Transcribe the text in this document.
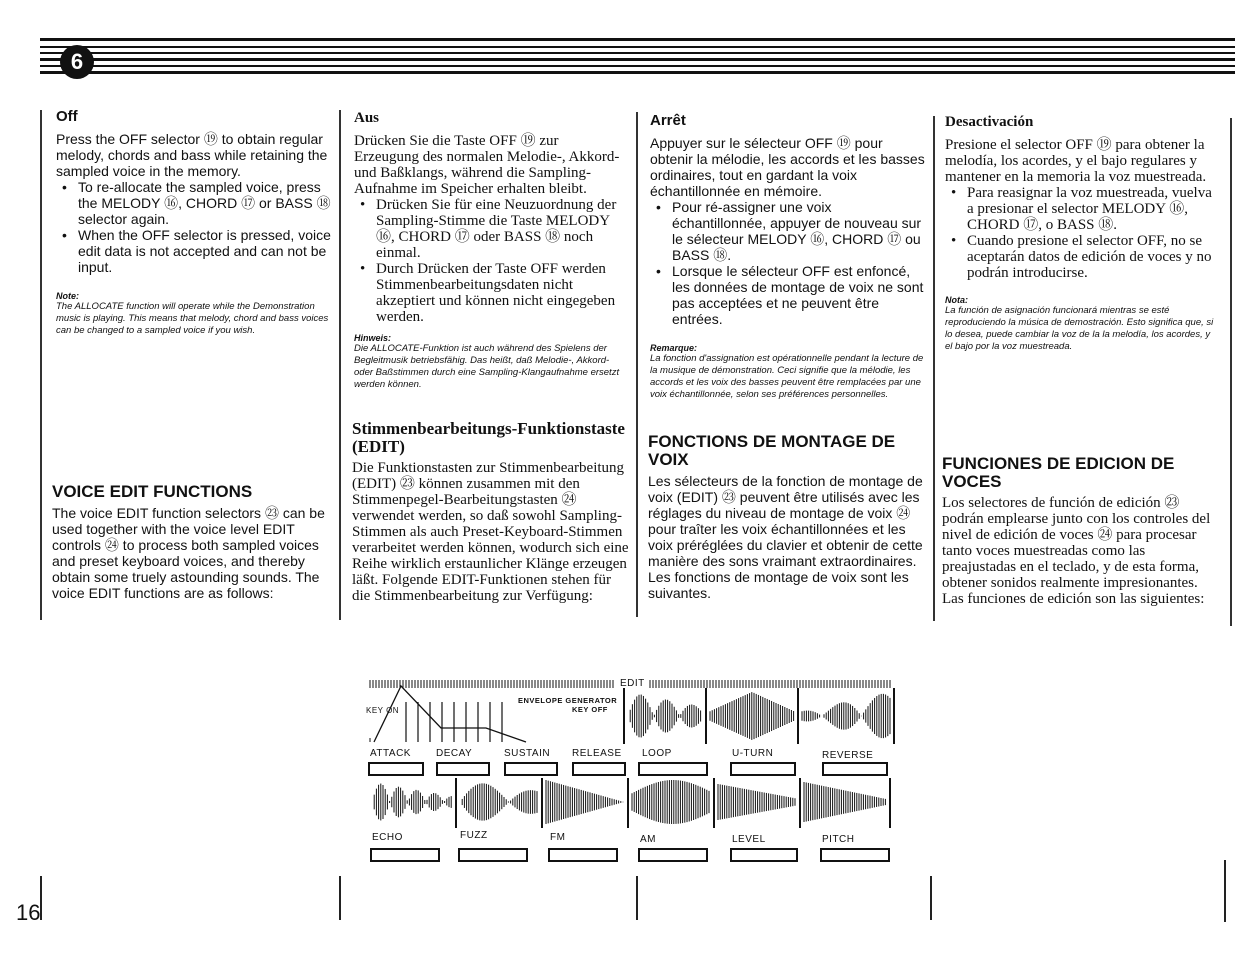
6
Off

Press the OFF selector ⑲ to obtain regular melody, chords and bass while retaining the sampled voice in the memory.

• To re-allocate the sampled voice, press the MELODY ⑯, CHORD ⑰ or BASS ⑱ selector again.
• When the OFF selector is pressed, voice edit data is not accepted and can not be input.
Note:
The ALLOCATE function will operate while the Demonstration music is playing. This means that melody, chord and bass voices can be changed to a sampled voice if you wish.
VOICE EDIT FUNCTIONS

The voice EDIT function selectors ㉓ can be used together with the voice level EDIT controls ㉔ to process both sampled voices and preset keyboard voices, and thereby obtain some truely astounding sounds. The voice EDIT functions are as follows:

Aus

Drücken Sie die Taste OFF ⑲ zur Erzeugung des normalen Melodie-, Akkord- und Baßklangs, während die Sampling-Aufnahme im Speicher erhalten bleibt.

• Drücken Sie für eine Neuzuordnung der Sampling-Stimme die Taste MELODY ⑯, CHORD ⑰ oder BASS ⑱ noch einmal.
• Durch Drücken der Taste OFF werden Stimmenbearbeitungsdaten nicht akzeptiert und können nicht eingegeben werden.
Hinweis:
Die ALLOCATE-Funktion ist auch während des Spielens der Begleitmusik betriebsfähig. Das heißt, daß Melodie-, Akkord-oder Baßstimmen durch eine Sampling-Klangaufnahme ersetzt werden können.
Stimmenbearbeitungs-Funktionstaste (EDIT)

Die Funktionstasten zur Stimmenbearbeitung (EDIT) ㉓ können zusammen mit den Stimmenpegel-Bearbeitungstasten ㉔ verwendet werden, so daß sowohl Sampling-Stimmen als auch Preset-Keyboard-Stimmen verarbeitet werden können, wodurch sich eine Reihe wirklich erstaunlicher Klänge erzeugen läßt. Folgende EDIT-Funktionen stehen für die Stimmenbearbeitung zur Verfügung:

Arrêt

Appuyer sur le sélecteur OFF ⑲ pour obtenir la mélodie, les accords et les basses ordinaires, tout en gardant la voix échantillonnée en mémoire.

• Pour ré-assigner une voix échantillonnée, appuyer de nouveau sur le sélecteur MELODY ⑯, CHORD ⑰ ou BASS ⑱.
• Lorsque le sélecteur OFF est enfoncé, les données de montage de voix ne sont pas acceptées et ne peuvent être entrées.
Remarque:
La fonction d'assignation est opérationnelle pendant la lecture de la musique de démonstration. Ceci signifie que la mélodie, les accords et les voix des basses peuvent être remplacées par une voix échantillonnée, selon ses préférences personnelles.
FONCTIONS DE MONTAGE DE VOIX

Les sélecteurs de la fonction de montage de voix (EDIT) ㉓ peuvent être utilisés avec les réglages du niveau de montage de voix ㉔ pour traîter les voix échantillonnées et les voix préréglées du clavier et obtenir de cette manière des sons vraimant extraordinaires. Les fonctions de montage de voix sont les suivantes.

Desactivación

Presione el selector OFF ⑲ para obtener la melodía, los acordes, y el bajo regulares y mantener en la memoria la voz muestreada.

• Para reasignar la voz muestreada, vuelva a presionar el selector MELODY ⑯, CHORD ⑰, o BASS ⑱.
• Cuando presione el selector OFF, no se aceptarán datos de edición de voces y no podrán introducirse.
Nota:
La función de asignación funcionará mientras se esté reproduciendo la música de demostración. Esto significa que, si lo desea, puede cambiar la voz de la la melodía, los acordes, y el bajo por la voz muestreada.
FUNCIONES DE EDICION DE VOCES

Los selectores de función de edición ㉓ podrán emplearse junto con los controles del nivel de edición de voces ㉔ para procesar tanto voces muestreadas como las preajustadas en el teclado, y de esta forma, obtener sonidos realmente impresionantes. Las funciones de edición son las siguientes:

EDIT
KEY ON
ENVELOPE GENERATOR
KEY OFF
ATTACK	DECAY	SUSTAIN RELEASE LOOP	U-TURN	REVERSE
ECHO	FUZZ	FM	AM	LEVEL	PITCH
16
